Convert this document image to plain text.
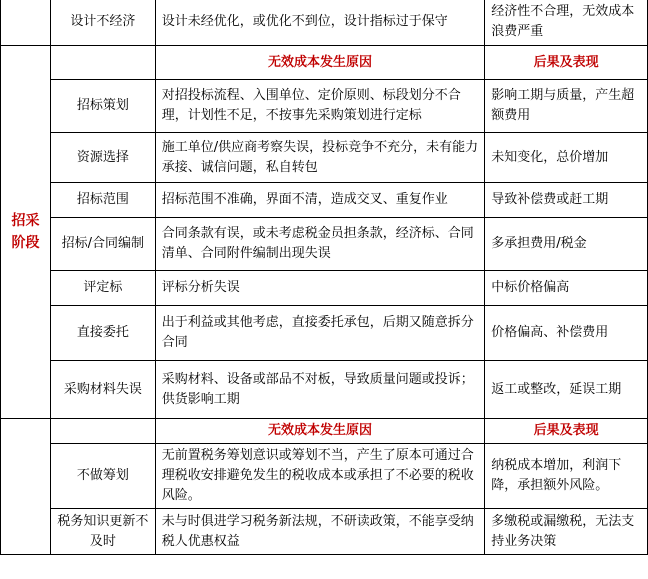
	设计不经济	设计未经优化，或优化不到位，设计指标过于保守	经济性不合理，无效成本浪费严重
招采阶段		无效成本发生原因	后果及表现
	招标策划	对招投标流程、入围单位、定价原则、标段划分不合理，计划性不足，不按事先采购策划进行定标	影响工期与质量，产生超额费用
	资源选择	施工单位/供应商考察失误，投标竞争不充分，未有能力承接、诚信问题，私自转包	未知变化，总价增加
	招标范围	招标范围不准确，界面不清，造成交叉、重复作业	导致补偿费或赶工期
	招标/合同编制	合同条款有误，或未考虑税金员担条款，经济标、合同清单、合同附件编制出现失误	多承担费用/税金
	评定标	评标分析失误	中标价格偏高
	直接委托	出于利益或其他考虑，直接委托承包，后期又随意拆分合同	价格偏高、补偿费用
	采购材料失误	采购材料、设备或部品不对板，导致质量问题或投诉；供货影响工期	返工或整改，延误工期
		无效成本发生原因	后果及表现
	不做筹划	无前置税务筹划意识或筹划不当，产生了原本可通过合理税收安排避免发生的税收成本或承担了不必要的税收风险。	纳税成本增加，利润下降，承担额外风险。
	税务知识更新不及时	未与时俱进学习税务新法规，不研读政策，不能享受纳税人优惠权益	多缴税或漏缴税，无法支持业务决策
